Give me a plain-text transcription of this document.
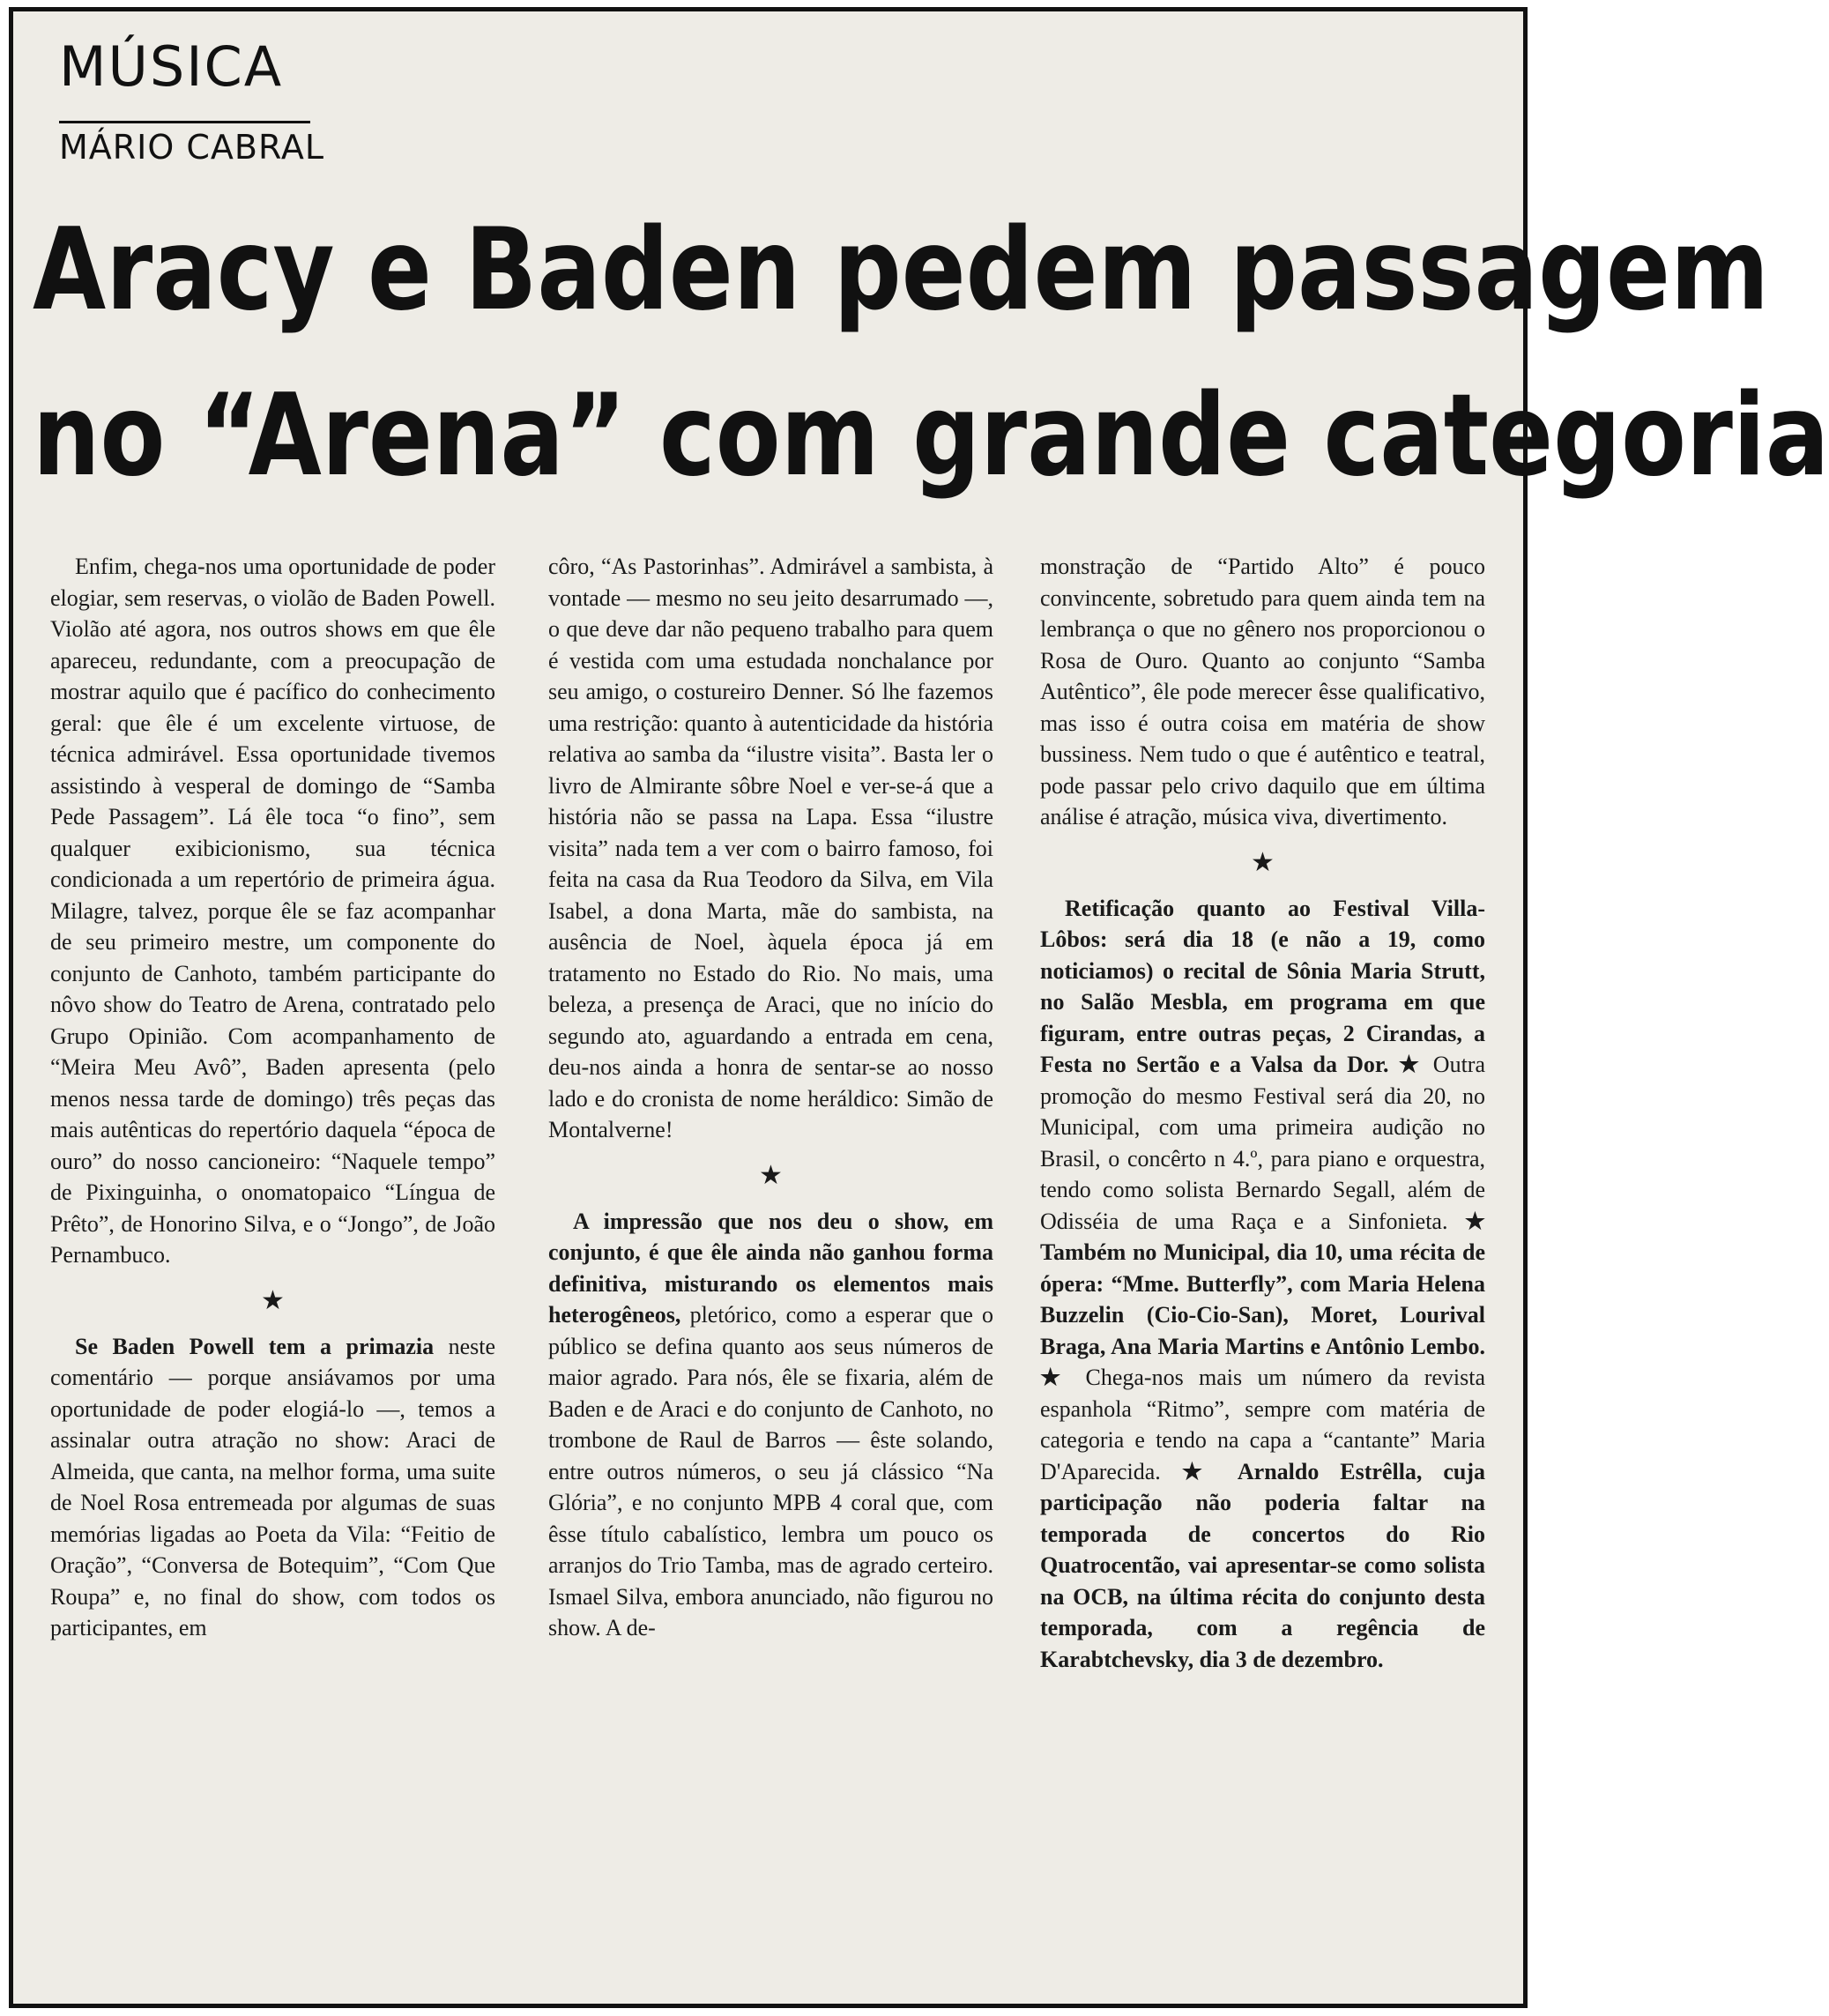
MÚSICA
MÁRIO CABRAL
Aracy e Baden pedem passagem
no “Arena” com grande categoria

Enfim, chega-nos uma oportunidade de poder elogiar, sem reservas, o violão de Baden Powell. Violão até agora, nos outros shows em que êle apareceu, redundante, com a preocupação de mostrar aquilo que é pacífico do conhecimento geral: que êle é um excelente virtuose, de técnica admirável. Essa oportunidade tivemos assistindo à vesperal de domingo de “Samba Pede Passagem”. Lá êle toca “o fino”, sem qualquer exibicionismo, sua técnica condicionada a um repertório de primeira água. Milagre, talvez, porque êle se faz acompanhar de seu primeiro mestre, um componente do conjunto de Canhoto, também participante do nôvo show do Teatro de Arena, contratado pelo Grupo Opinião. Com acompanhamento de “Meira Meu Avô”, Baden apresenta (pelo menos nessa tarde de domingo) três peças das mais autênticas do repertório daquela “época de ouro” do nosso cancioneiro: “Naquele tempo” de Pixinguinha, o onomatopaico “Língua de Prêto”, de Honorino Silva, e o “Jongo”, de João Pernambuco.

★

Se Baden Powell tem a primazia neste comentário — porque ansiávamos por uma oportunidade de poder elogiá-lo —, temos a assinalar outra atração no show: Araci de Almeida, que canta, na melhor forma, uma suite de Noel Rosa entremeada por algumas de suas memórias ligadas ao Poeta da Vila: “Feitio de Oração”, “Conversa de Botequim”, “Com Que Roupa” e, no final do show, com todos os participantes, em

côro, “As Pastorinhas”. Admirável a sambista, à vontade — mesmo no seu jeito desarrumado —, o que deve dar não pequeno trabalho para quem é vestida com uma estudada nonchalance por seu amigo, o costureiro Denner. Só lhe fazemos uma restrição: quanto à autenticidade da história relativa ao samba da “ilustre visita”. Basta ler o livro de Almirante sôbre Noel e ver-se-á que a história não se passa na Lapa. Essa “ilustre visita” nada tem a ver com o bairro famoso, foi feita na casa da Rua Teodoro da Silva, em Vila Isabel, a dona Marta, mãe do sambista, na ausência de Noel, àquela época já em tratamento no Estado do Rio. No mais, uma beleza, a presença de Araci, que no início do segundo ato, aguardando a entrada em cena, deu-nos ainda a honra de sentar-se ao nosso lado e do cronista de nome heráldico: Simão de Montalverne!

★

A impressão que nos deu o show, em conjunto, é que êle ainda não ganhou forma definitiva, misturando os elementos mais heterogêneos, pletórico, como a esperar que o público se defina quanto aos seus números de maior agrado. Para nós, êle se fixaria, além de Baden e de Araci e do conjunto de Canhoto, no trombone de Raul de Barros — êste solando, entre outros números, o seu já clássico “Na Glória”, e no conjunto MPB 4 coral que, com êsse título cabalístico, lembra um pouco os arranjos do Trio Tamba, mas de agrado certeiro. Ismael Silva, embora anunciado, não figurou no show. A de-

monstração de “Partido Alto” é pouco convincente, sobretudo para quem ainda tem na lembrança o que no gênero nos proporcionou o Rosa de Ouro. Quanto ao conjunto “Samba Autêntico”, êle pode merecer êsse qualificativo, mas isso é outra coisa em matéria de show bussiness. Nem tudo o que é autêntico e teatral, pode passar pelo crivo daquilo que em última análise é atração, música viva, divertimento.

★

Retificação quanto ao Festival Villa-Lôbos: será dia 18 (e não a 19, como noticiamos) o recital de Sônia Maria Strutt, no Salão Mesbla, em programa em que figuram, entre outras peças, 2 Cirandas, a Festa no Sertão e a Valsa da Dor. ★ Outra promoção do mesmo Festival será dia 20, no Municipal, com uma primeira audição no Brasil, o concêrto n 4.º, para piano e orquestra, tendo como solista Bernardo Segall, além de Odisséia de uma Raça e a Sinfonieta. ★ Também no Municipal, dia 10, uma récita de ópera: “Mme. Butterfly”, com Maria Helena Buzzelin (Cio-Cio-San), Moret, Lourival Braga, Ana Maria Martins e Antônio Lembo. ★ Chega-nos mais um número da revista espanhola “Ritmo”, sempre com matéria de categoria e tendo na capa a “cantante” Maria D'Aparecida. ★ Arnaldo Estrêlla, cuja participação não poderia faltar na temporada de concertos do Rio Quatrocentão, vai apresentar-se como solista na OCB, na última récita do conjunto desta temporada, com a regência de Karabtchevsky, dia 3 de dezembro.
